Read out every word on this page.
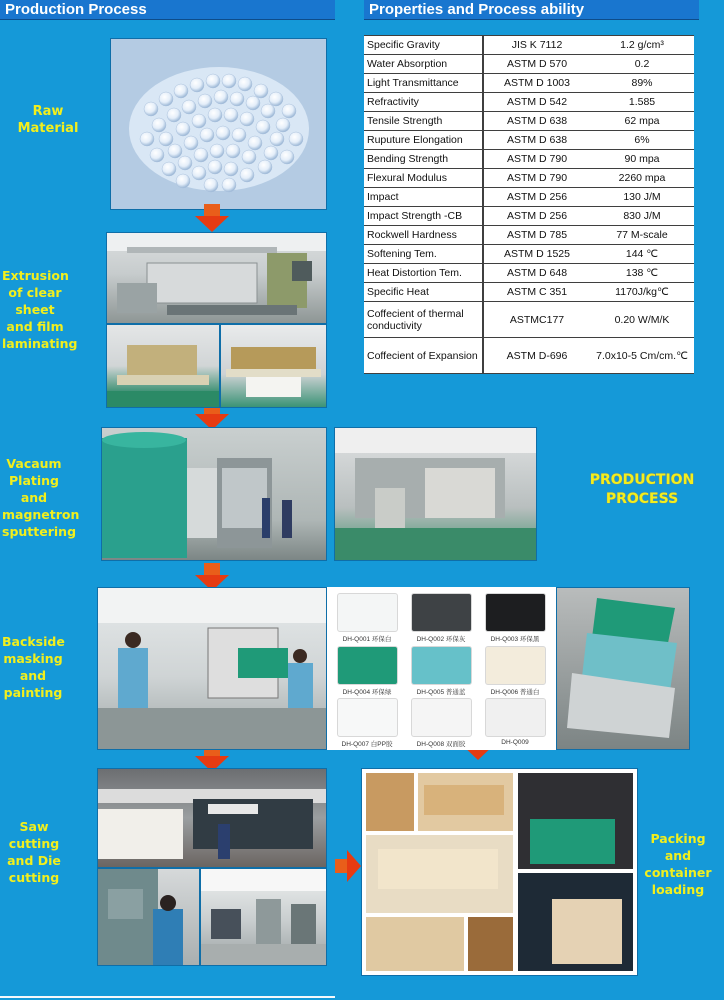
Production Process	Properties and Process ability
Raw Material
Extrusion of clear sheet and film laminating
Vacaum Plating and magnetron sputtering
Backside masking and painting
Saw cutting and Die cutting
Packing and container loading
PRODUCTION PROCESS
Specific Gravity	JIS K 7112	1.2 g/cm³
Water Absorption	ASTM D 570	0.2
Light Transmittance	ASTM D 1003	89%
Refractivity	ASTM D 542	1.585
Tensile Strength	ASTM D 638	62 mpa
Ruputure Elongation	ASTM D 638	6%
Bending Strength	ASTM D 790	90 mpa
Flexural Modulus	ASTM D 790	2260 mpa
Impact	ASTM D 256	130 J/M
Impact Strength -CB	ASTM D 256	830 J/M
Rockwell Hardness	ASTM D 785	77 M-scale
Softening Tem.	ASTM D 1525	144 ℃
Heat Distortion Tem.	ASTM D 648	138 ℃
Specific Heat	ASTM C 351	1170J/kg℃
Coffecient of thermal conductivity	ASTMC177	0.20 W/M/K
Coffecient of Expansion	ASTM D-696	7.0x10-5 Cm/cm.℃
DH-Q001 环保白	DH-Q002 环保灰	DH-Q003 环保黑
DH-Q004 环保绿	DH-Q005 普通蓝	DH-Q006 普通白
DH-Q007 白PP胶	DH-Q008 双面胶	DH-Q009
